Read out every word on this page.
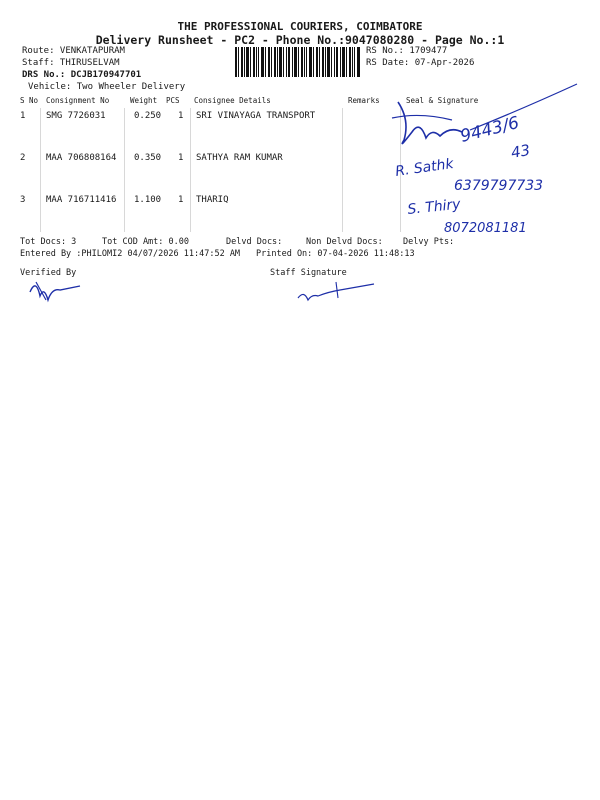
THE PROFESSIONAL COURIERS, COIMBATORE
Delivery Runsheet - PC2 - Phone No.:9047080280 - Page No.:1
Route: VENKATAPURAM
Staff: THIRUSELVAM
DRS No.: DCJB170947701
Vehicle: Two Wheeler Delivery
RS No.: 1709477
RS Date: 07-Apr-2026
S No Consignment No	Weight PCS Consignee Details	Remarks	Seal & Signature
1 SMG 7726031	0.250 1 SRI VINAYAGA TRANSPORT
2 MAA 706808164 0.350 1 SATHYA RAM KUMAR
3 MAA 716711416 1.100 1 THARIQ
Tot Docs: 3	Tot COD Amt: 0.00	Delvd Docs:	Non Delvd Docs: Delvy Pts:
Entered By :PHILOMI2 04/07/2026 11:47:52 AM Printed On: 07-04-2026 11:48:13
Verified By	Staff Signature
9443/6
43
R. Sathk
6379797733
S. Thiry
8072081181
